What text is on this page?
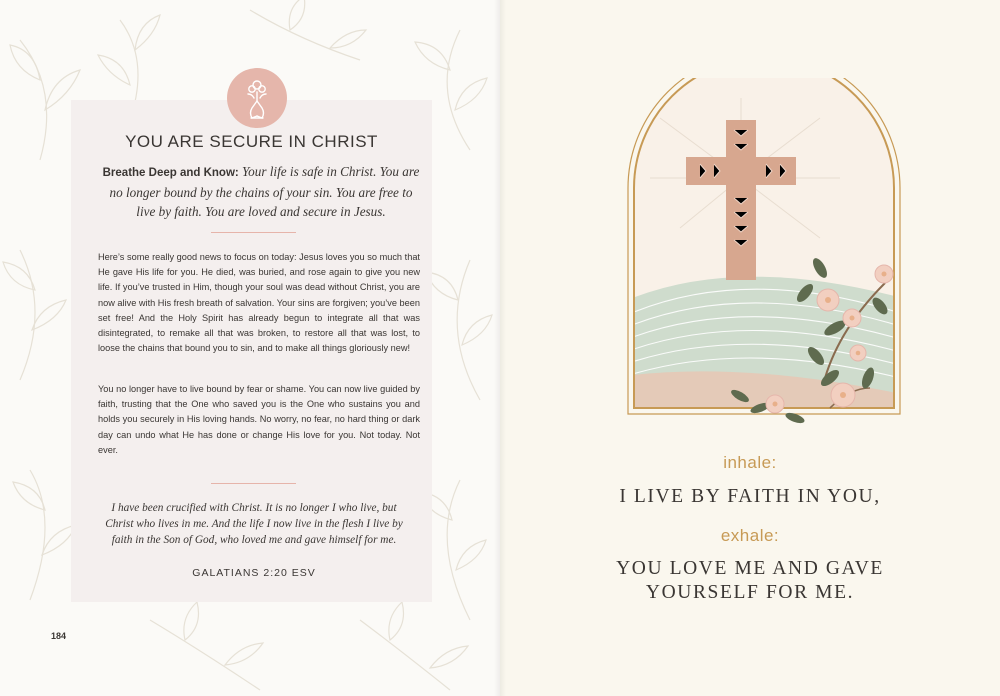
YOU ARE SECURE IN CHRIST
Breathe Deep and Know: Your life is safe in Christ. You are no longer bound by the chains of your sin. You are free to live by faith. You are loved and secure in Jesus.
Here’s some really good news to focus on today: Jesus loves you so much that He gave His life for you. He died, was buried, and rose again to give you new life. If you’ve trusted in Him, though your soul was dead without Christ, you are now alive with His fresh breath of salvation. Your sins are forgiven; you’ve been set free! And the Holy Spirit has already begun to integrate all that was disintegrated, to remake all that was broken, to restore all that was lost, to loose the chains that bound you to sin, and to make all things gloriously new!
You no longer have to live bound by fear or shame. You can now live guided by faith, trusting that the One who saved you is the One who sustains you and holds you securely in His loving hands. No worry, no fear, no hard thing or dark day can undo what He has done or change His love for you. Not today. Not ever.
I have been crucified with Christ. It is no longer I who live, but Christ who lives in me. And the life I now live in the flesh I live by faith in the Son of God, who loved me and gave himself for me.
GALATIANS 2:20 ESV
184
inhale:
I LIVE BY FAITH IN YOU,
exhale:
YOU LOVE ME AND GAVE
YOURSELF FOR ME.
